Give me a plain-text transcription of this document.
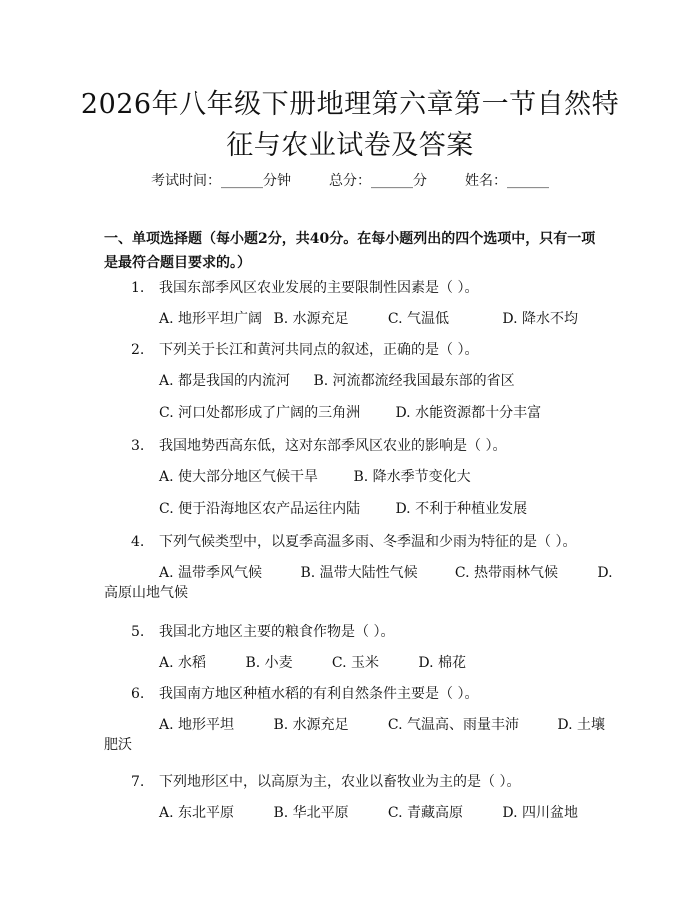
2026年八年级下册地理第六章第一节自然特
征与农业试卷及答案
考试时间：______分钟	总分：______分	姓名：______
一、单项选择题（每小题2分，共40分。在每小题列出的四个选项中，只有一项是最符合题目要求的。）
1. 我国东部季风区农业发展的主要限制性因素是（ ）。
A. 地形平坦广阔 B. 水源充足	C. 气温低	D. 降水不均
2. 下列关于长江和黄河共同点的叙述，正确的是（ ）。
A. 都是我国的内流河 B. 河流都流经我国最东部的省区
C. 河口处都形成了广阔的三角洲	D. 水能资源都十分丰富
3. 我国地势西高东低，这对东部季风区农业的影响是（ ）。
A. 使大部分地区气候干旱	B. 降水季节变化大
C. 便于沿海地区农产品运往内陆	D. 不利于种植业发展
4. 下列气候类型中，以夏季高温多雨、冬季温和少雨为特征的是（ ）。
A. 温带季风气候	B. 温带大陆性气候	C. 热带雨林气候	D.
高原山地气候
5. 我国北方地区主要的粮食作物是（ ）。
A. 水稻	B. 小麦	C. 玉米	D. 棉花
6. 我国南方地区种植水稻的有利自然条件主要是（ ）。
A. 地形平坦	B. 水源充足	C. 气温高、雨量丰沛	D. 土壤
肥沃
7. 下列地形区中，以高原为主，农业以畜牧业为主的是（ ）。
A. 东北平原	B. 华北平原	C. 青藏高原	D. 四川盆地
